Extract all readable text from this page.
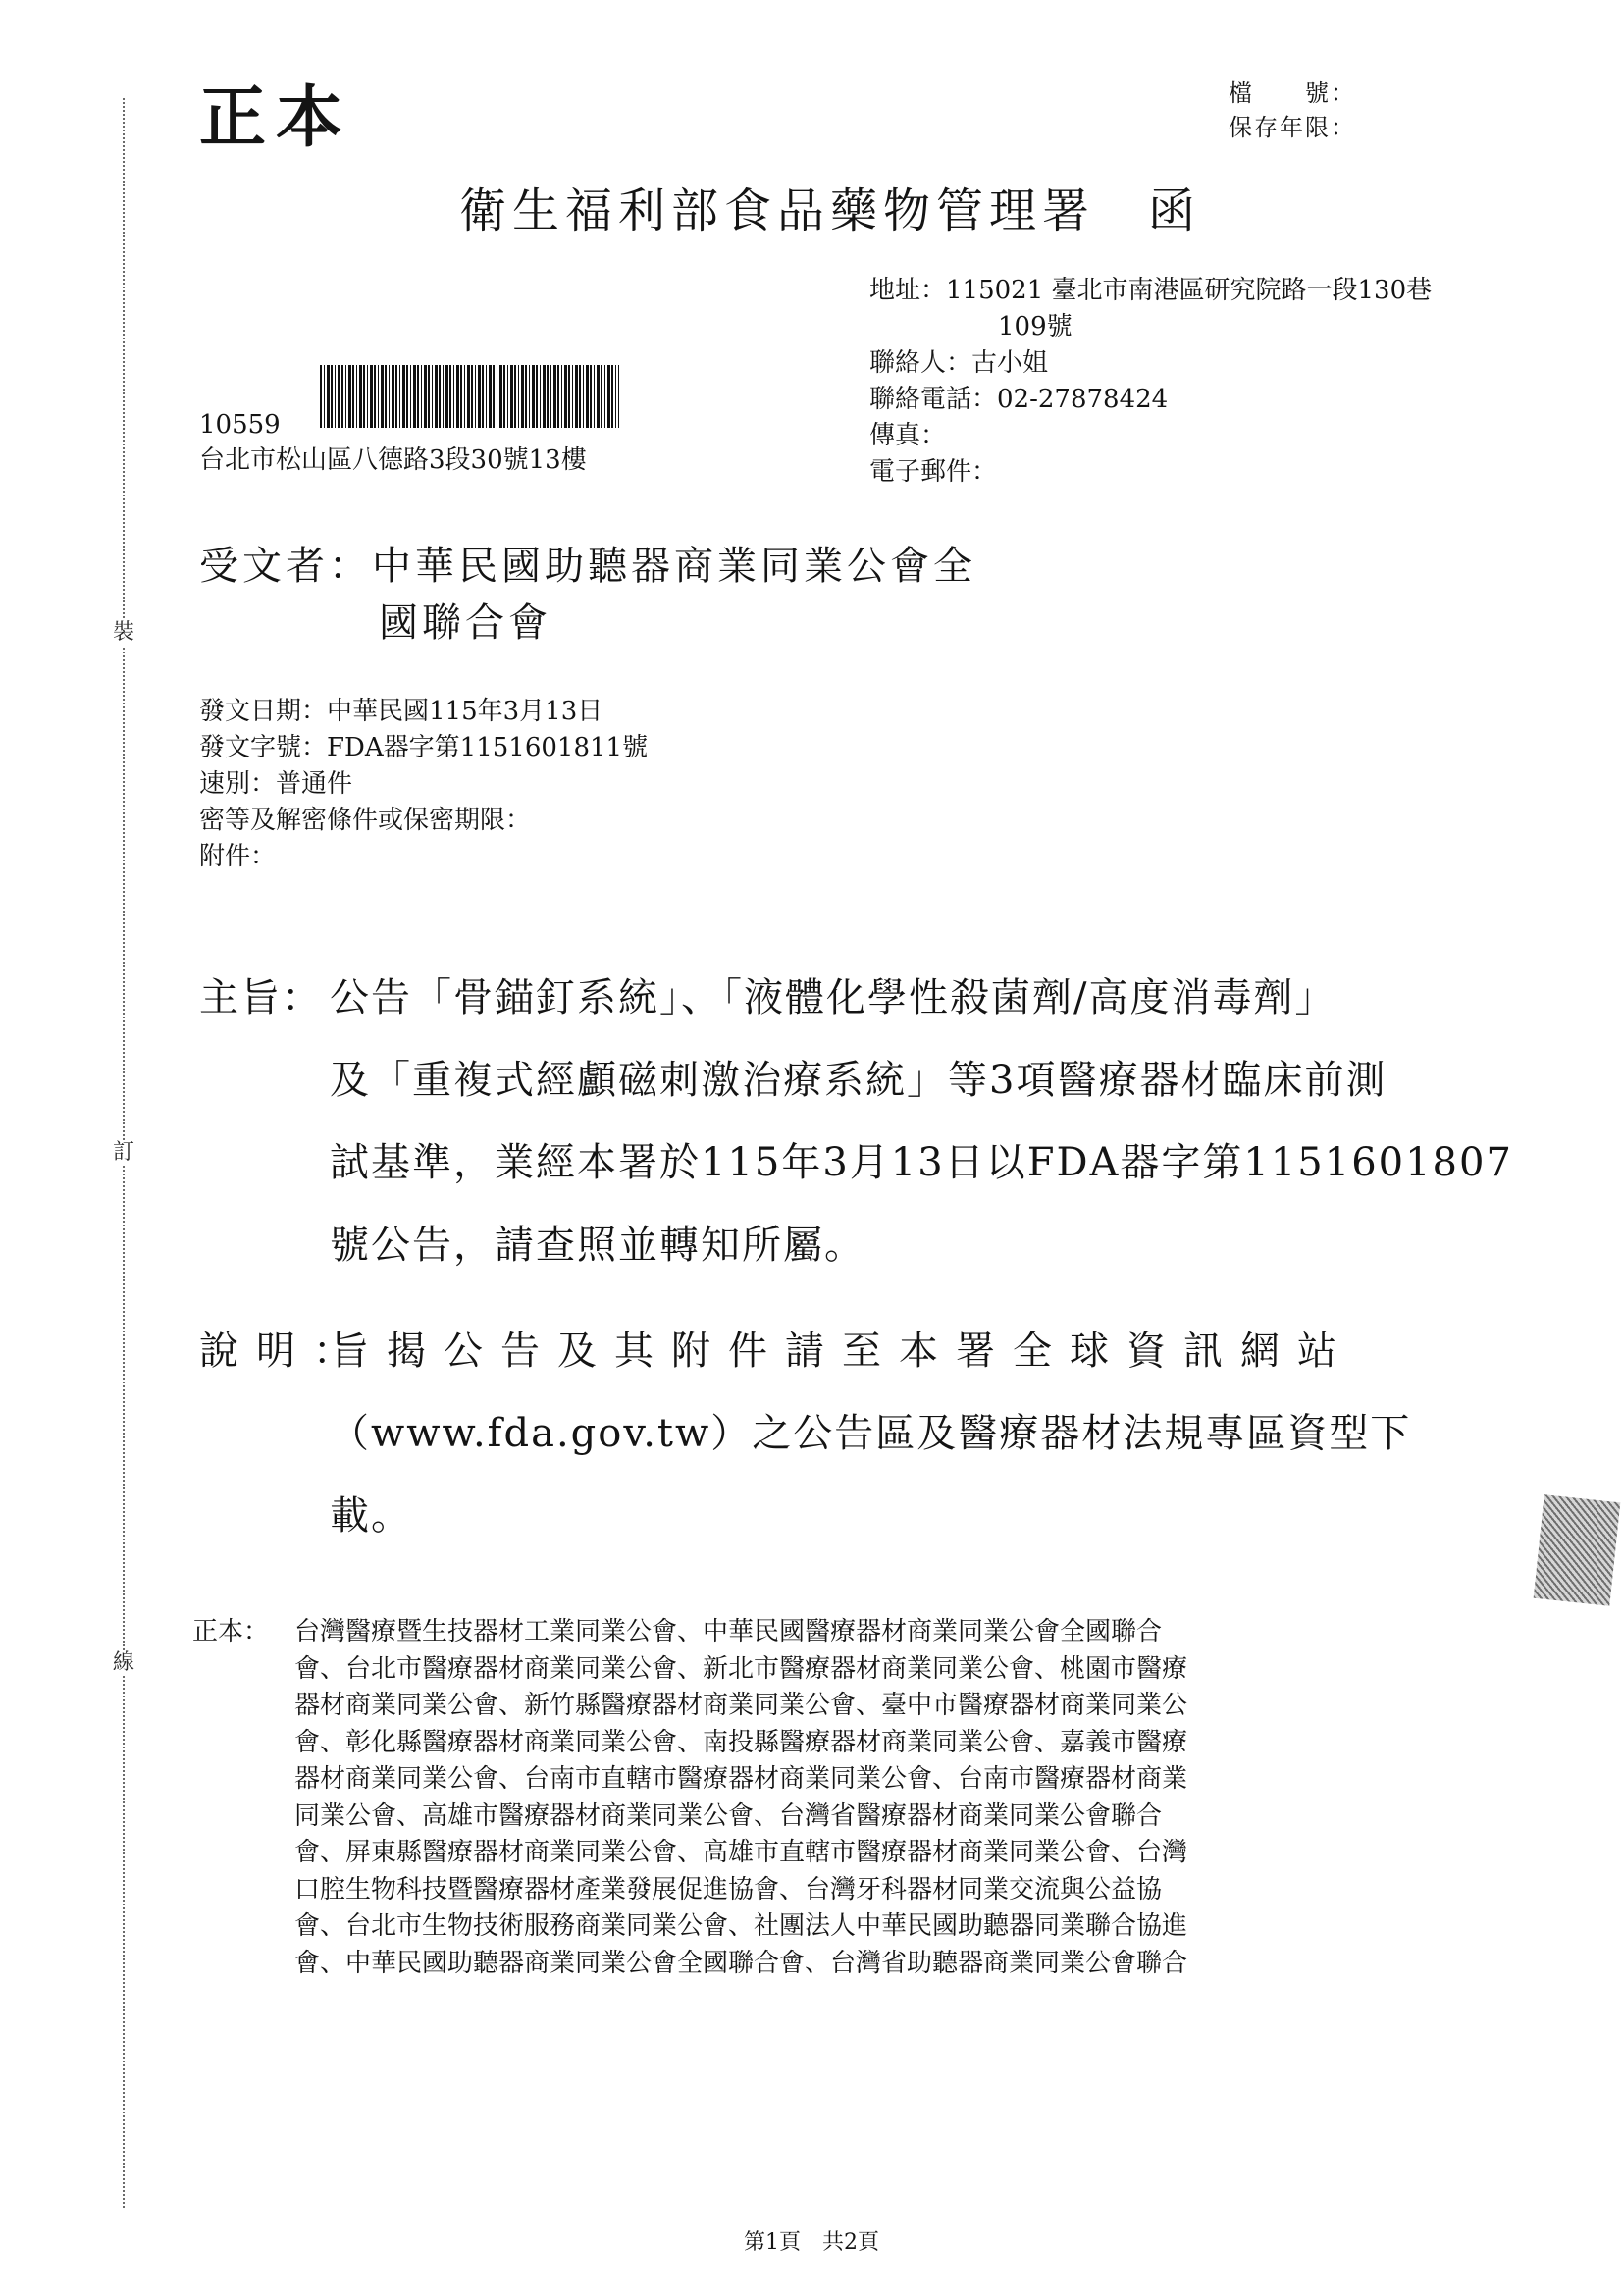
裝
訂
線
正本	檔　　號：
保存年限：
衛生福利部食品藥物管理署　函
地址：115021 臺北市南港區研究院路一段130巷
109號
聯絡人：古小姐
聯絡電話：02-27878424
傳真：
電子郵件：
10559
台北市松山區八德路3段30號13樓
受文者：中華民國助聽器商業同業公會全
國聯合會
發文日期：中華民國115年3月13日
發文字號：FDA器字第1151601811號
速別：普通件
密等及解密條件或保密期限：
附件：
主旨： 公告「骨錨釘系統」、「液體化學性殺菌劑/高度消毒劑」
及「重複式經顱磁刺激治療系統」等3項醫療器材臨床前測
試基準，業經本署於115年3月13日以FDA器字第1151601807
號公告，請查照並轉知所屬。
說明：旨揭公告及其附件請至本署全球資訊網站
（www.fda.gov.tw）之公告區及醫療器材法規專區資型下
載。
正本： 台灣醫療暨生技器材工業同業公會、中華民國醫療器材商業同業公會全國聯合
會、台北市醫療器材商業同業公會、新北市醫療器材商業同業公會、桃園市醫療
器材商業同業公會、新竹縣醫療器材商業同業公會、臺中市醫療器材商業同業公
會、彰化縣醫療器材商業同業公會、南投縣醫療器材商業同業公會、嘉義市醫療
器材商業同業公會、台南市直轄市醫療器材商業同業公會、台南市醫療器材商業
同業公會、高雄市醫療器材商業同業公會、台灣省醫療器材商業同業公會聯合
會、屏東縣醫療器材商業同業公會、高雄市直轄市醫療器材商業同業公會、台灣
口腔生物科技暨醫療器材產業發展促進協會、台灣牙科器材同業交流與公益協
會、台北市生物技術服務商業同業公會、社團法人中華民國助聽器同業聯合協進
會、中華民國助聽器商業同業公會全國聯合會、台灣省助聽器商業同業公會聯合
第1頁　共2頁
